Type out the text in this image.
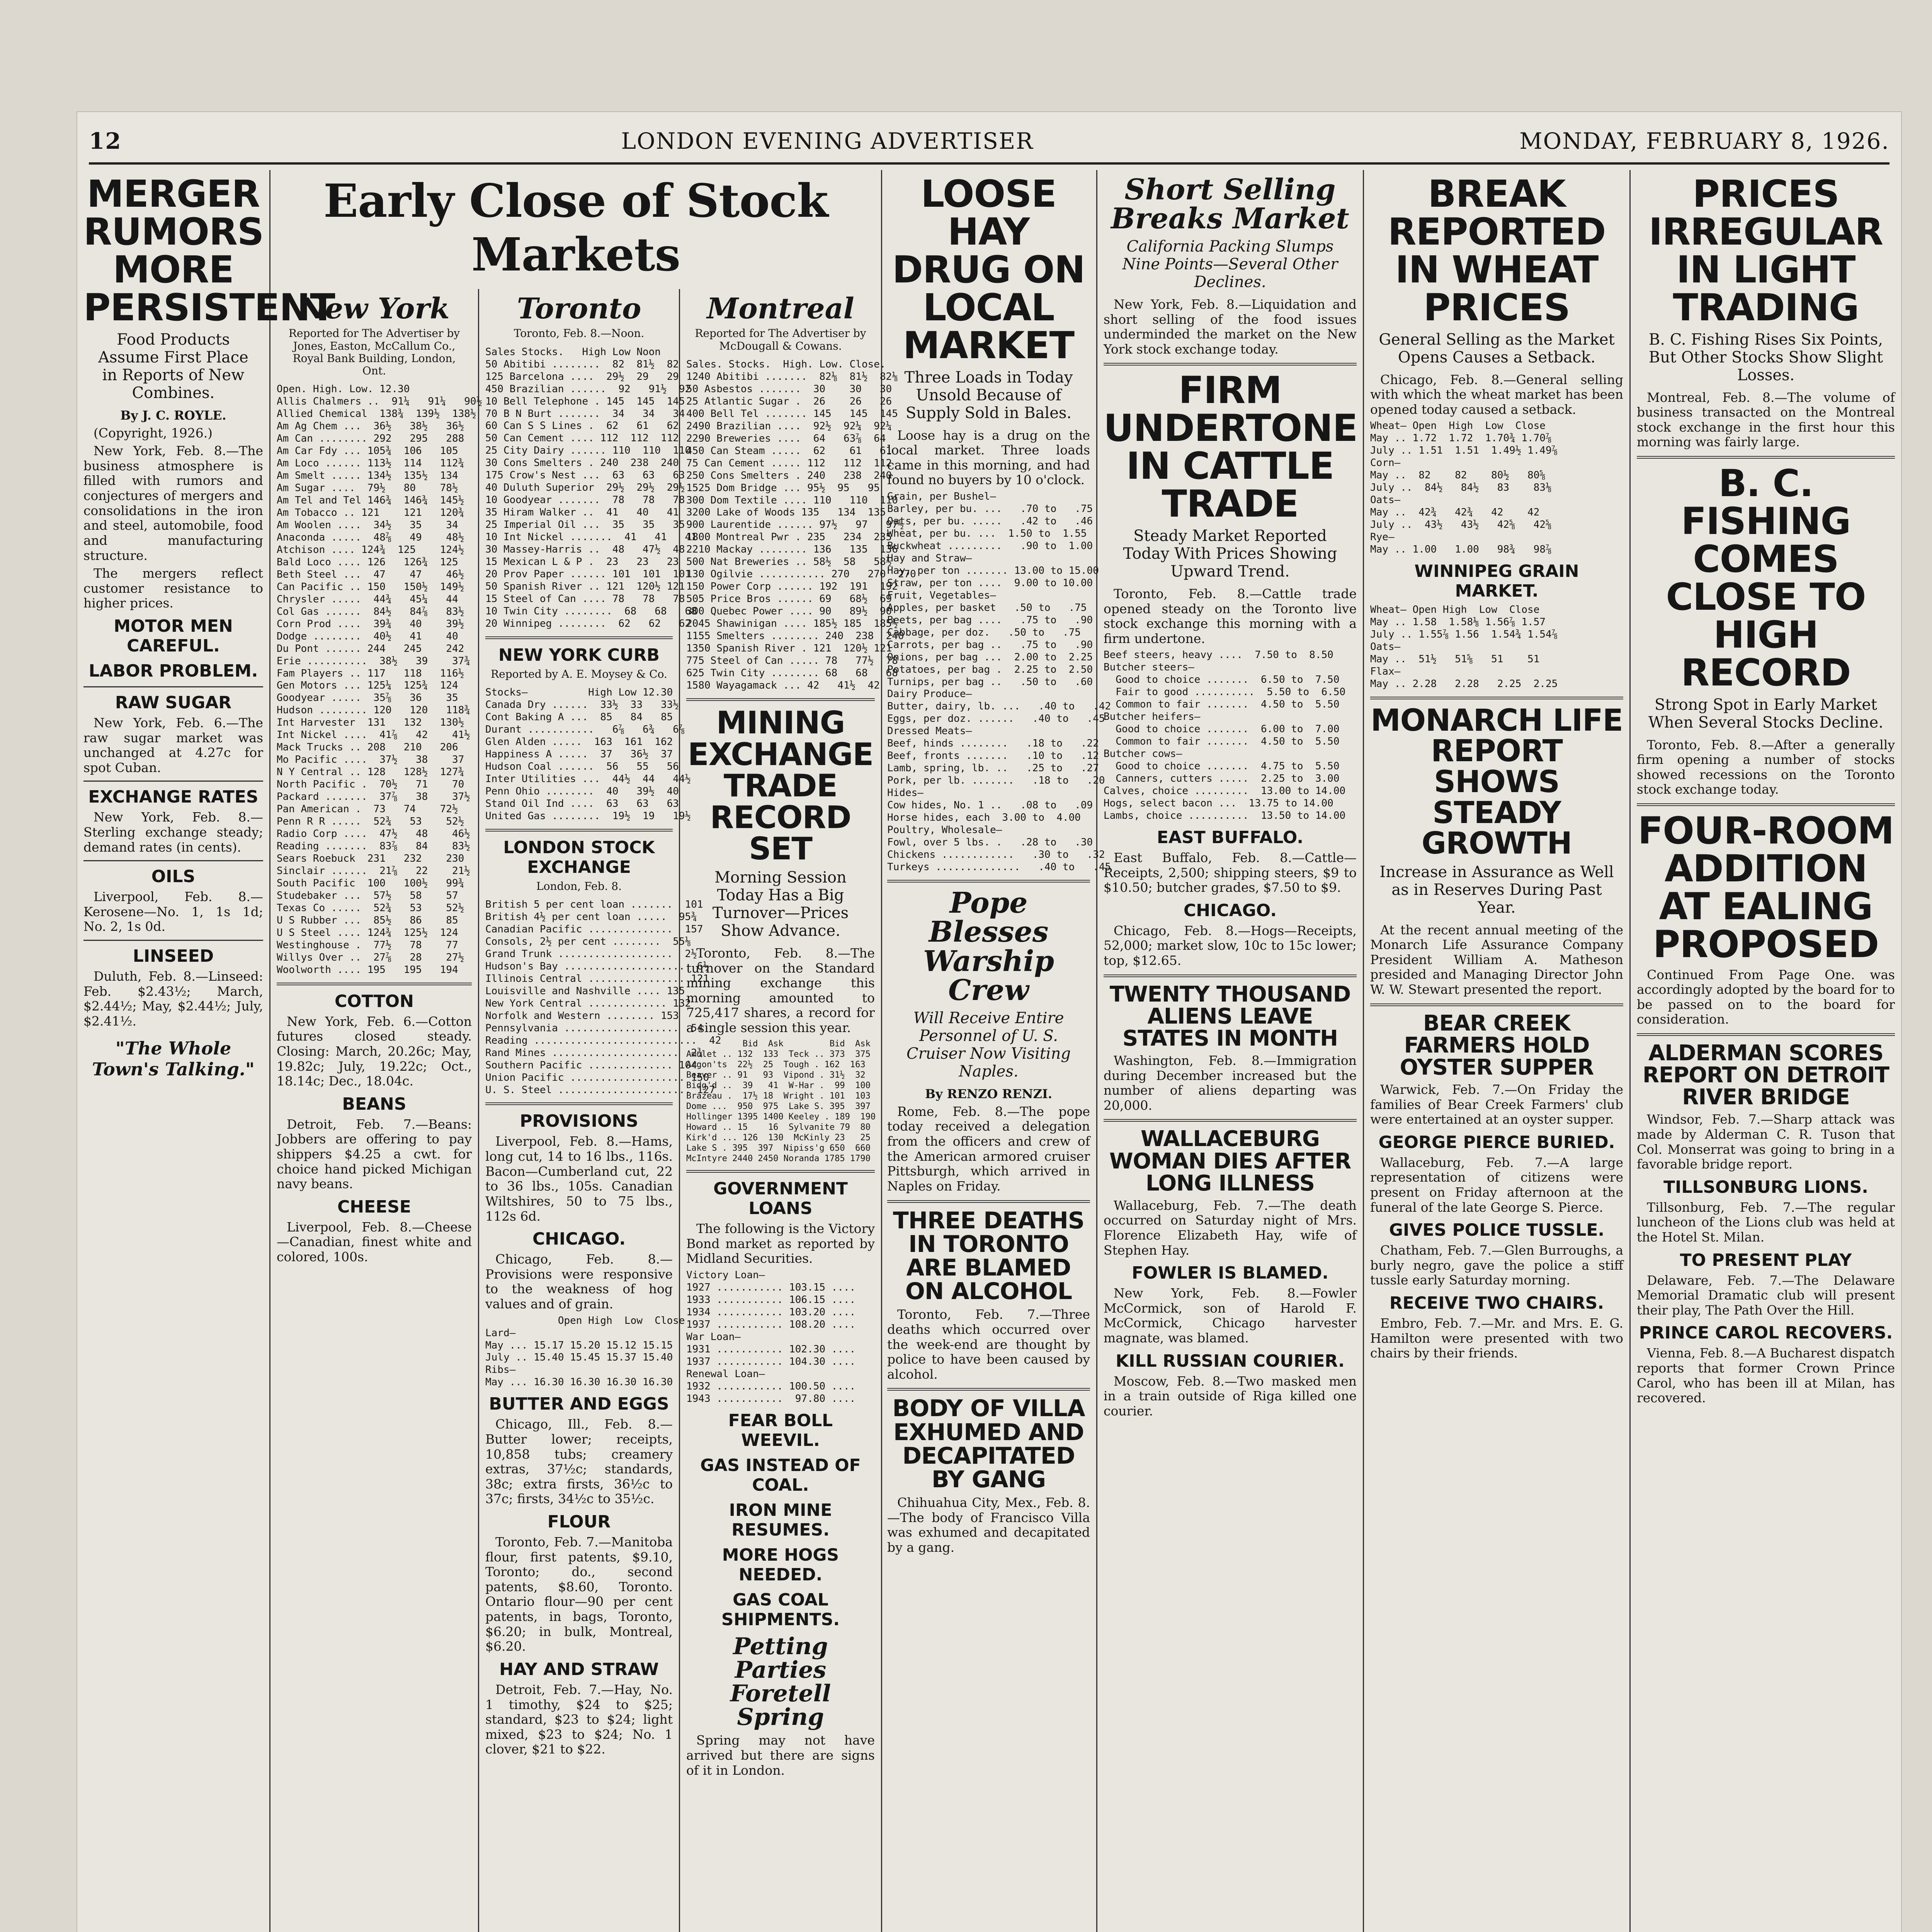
12	LONDON EVENING ADVERTISER	MONDAY, FEBRUARY 8, 1926.
MERGER RUMORS MORE PERSISTENT
Food Products Assume First Place in Reports of New Combines.
By J. C. ROYLE.

(Copyright, 1926.)

New York, Feb. 8.—The business atmosphere is filled with rumors and conjectures of mergers and consolidations in the iron and steel, automobile, food and manufacturing structure.

The mergers reflect customer resistance to higher prices.

MOTOR MEN CAREFUL.
LABOR PROBLEM.
RAW SUGAR

New York, Feb. 6.—The raw sugar market was unchanged at 4.27c for spot Cuban.

EXCHANGE RATES

New York, Feb. 8.—Sterling exchange steady; demand rates (in cents).

OILS

Liverpool, Feb. 8.—Kerosene—No. 1, 1s 1d; No. 2, 1s 0d.

LINSEED

Duluth, Feb. 8.—Linseed: Feb. $2.43½; March, $2.44½; May, $2.44½; July, $2.41½.

"The Whole Town's Talking."
Early Close of Stock Markets
New York
Reported for The Advertiser by Jones, Easton, McCallum Co., Royal Bank Building, London, Ont.
Open. High. Low. 12.30
Allis Chalmers ..  91¼   91¼   90½
Allied Chemical  138¾  139½  138½
Am Ag Chem ...  36½   38½   36½
Am Can ........ 292   295   288
Am Car Fdy ... 105¾  106   105
Am Loco ...... 113½  114   112¾
Am Smelt ..... 134½  135½  134
Am Sugar ....  79½   80    78½
Am Tel and Tel 146¾  146¾  145½
Am Tobacco .. 121    121   120¾
Am Woolen ....  34½   35    34
Anaconda .....  48⅞   49    48½
Atchison .... 124¾  125    124½
Bald Loco .... 126   126¾  125
Beth Steel ...  47    47    46½
Can Pacific .. 150   150½  149½
Chrysler .....  44¾   45¼   44
Col Gas ......  84½   84⅞   83½
Corn Prod ....  39¾   40    39½
Dodge ........  40½   41    40
Du Pont ...... 244   245    242
Erie ..........  38½   39    37¾
Fam Players .. 117   118   116½
Gen Motors ... 125¼  125¾  124
Goodyear .....  35⅞   36    35
Hudson ........ 120   120   118¾
Int Harvester  131   132   130½
Int Nickel ....  41⅞   42    41½
Mack Trucks .. 208   210   206
Mo Pacific ....  37½   38    37
N Y Central .. 128   128½  127¾
North Pacific .  70½   71    70
Packard .......  37⅞   38    37½
Pan American .  73   74    72½
Penn R R .....  52¾   53    52½
Radio Corp ....  47½   48    46½
Reading .......  83⅞   84    83½
Sears Roebuck  231   232    230
Sinclair ......  21⅞   22    21½
South Pacific  100   100½   99¾
Studebaker ...  57½   58    57
Texas Co .....  52¾   53    52½
U S Rubber ...  85½   86    85
U S Steel .... 124¾  125½  124
Westinghouse .  77½   78    77
Willys Over ..  27⅞   28    27½
Woolworth .... 195   195   194
COTTON

New York, Feb. 6.—Cotton futures closed steady. Closing: March, 20.26c; May, 19.82c; July, 19.22c; Oct., 18.14c; Dec., 18.04c.

BEANS

Detroit, Feb. 7.—Beans: Jobbers are offering to pay shippers $4.25 a cwt. for choice hand picked Michigan navy beans.

CHEESE

Liverpool, Feb. 8.—Cheese—Canadian, finest white and colored, 100s.

Toronto
Toronto, Feb. 8.—Noon.
Sales Stocks.   High Low Noon
50 Abitibi ........  82  81½  82
125 Barcelona ....  29½  29   29
450 Brazilian ......  92   91½  92
10 Bell Telephone . 145  145  145
70 B N Burt .......  34   34   34
60 Can S S Lines .  62   61   62
50 Can Cement .... 112  112  112
25 City Dairy ...... 110  110  110
30 Cons Smelters . 240  238  240
175 Crow's Nest ...  63   63   63
40 Duluth Superior  29½  29½  29½
10 Goodyear .......  78   78   78
35 Hiram Walker ..  41   40   41
25 Imperial Oil ...  35   35   35
10 Int Nickel .......  41   41   41
30 Massey-Harris ..  48   47½  48
15 Mexican L & P .  23   23   23
20 Prov Paper ...... 101  101  101
50 Spanish River .. 121  120½ 121
15 Steel of Can .... 78   78   78
10 Twin City ........  68   68   68
20 Winnipeg ........  62   62   62
NEW YORK CURB
Reported by A. E. Moysey & Co.
Stocks—          High Low 12.30
Canada Dry ......  33½  33   33½
Cont Baking A ...  85   84   85
Durant ...........   6⅞   6¾   6⅞
Glen Alden .....  163  161  162
Happiness A .....  37   36½  37
Hudson Coal ......  56   55   56
Inter Utilities ...  44½  44   44½
Penn Ohio ........  40   39½  40
Stand Oil Ind ....  63   63   63
United Gas ........  19½  19   19½
LONDON STOCK EXCHANGE
London, Feb. 8.
British 5 per cent loan .......  101
British 4½ per cent loan .....  95¾
Canadian Pacific ..............  157
Consols, 2½ per cent ........  55⅛
Grand Trunk ...................  2½
Hudson's Bay ....................  6½
Illinois Central ................ 121
Louisville and Nashville .... 135
New York Central ............. 132
Norfolk and Western ........ 153
Pennsylvania ...................  54
Reading ...........................  42
Rand Mines .....................  2¾
Southern Pacific .............. 104
Union Pacific ................... 150
U. S. Steel ...................... 127
PROVISIONS

Liverpool, Feb. 8.—Hams, long cut, 14 to 16 lbs., 116s. Bacon—Cumberland cut, 22 to 36 lbs., 105s. Canadian Wiltshires, 50 to 75 lbs., 112s 6d.

CHICAGO.

Chicago, Feb. 8.—Provisions were responsive to the weakness of hog values and of grain.

Open High  Low  Close
Lard—
May ... 15.17 15.20 15.12 15.15
July .. 15.40 15.45 15.37 15.40
Ribs—
May ... 16.30 16.30 16.30 16.30
BUTTER AND EGGS

Chicago, Ill., Feb. 8.—Butter lower; receipts, 10,858 tubs; creamery extras, 37½c; standards, 38c; extra firsts, 36½c to 37c; firsts, 34½c to 35½c.

FLOUR

Toronto, Feb. 7.—Manitoba flour, first patents, $9.10, Toronto; do., second patents, $8.60, Toronto. Ontario flour—90 per cent patents, in bags, Toronto, $6.20; in bulk, Montreal, $6.20.

HAY AND STRAW

Detroit, Feb. 7.—Hay, No. 1 timothy, $24 to $25; standard, $23 to $24; light mixed, $23 to $24; No. 1 clover, $21 to $22.

Montreal
Reported for The Advertiser by McDougall & Cowans.
Sales. Stocks.  High. Low. Close.
1240 Abitibi .......  82⅛  81½  82⅛
50 Asbestos .......  30    30   30
25 Atlantic Sugar .  26    26   26
400 Bell Tel ....... 145   145  145
2490 Brazilian ....  92½  92¼  92¼
2290 Breweries ....  64   63⅞  64
450 Can Steam .....  62    61   61
75 Can Cement ..... 112   112  112
250 Cons Smelters . 240   238  240
1525 Dom Bridge ... 95½  95   95
300 Dom Textile .... 110   110  110
3200 Lake of Woods 135   134  135
900 Laurentide ...... 97½   97   97½
1800 Montreal Pwr . 235   234  235
2210 Mackay ........ 136   135  136
500 Nat Breweries .. 58½  58   58½
130 Ogilvie ........... 270   270  270
150 Power Corp ...... 192  191  192
505 Price Bros ...... 69   68½  69
300 Quebec Power .... 90   89½  90
2045 Shawinigan .... 185½ 185  185½
1155 Smelters ........ 240  238  240
1350 Spanish River . 121  120½ 121
775 Steel of Can ..... 78   77½  78
625 Twin City ........ 68   68   68
1580 Wayagamack ... 42   41½  42
MINING EXCHANGE TRADE RECORD SET
Morning Session Today Has a Big Turnover—Prices Show Advance.

Toronto, Feb. 8.—The turnover on the Standard mining exchange this morning amounted to 725,417 shares, a record for a single session this year.

Bid  Ask         Bid  Ask
Amulet .. 132  133  Teck .. 373  375
Argon'ts  22½  25  Tough . 162  163
Beaver .. 91   93  Vipond . 31½  32
Bidg'd ..  39   41  W-Har .  99  100
Brazeau .  17½ 18  Wright . 101  103
Dome ...  950  975  Lake S. 395  397
Hollinger 1395 1400 Keeley . 189  190
Howard .. 15    16  Sylvanite 79  80
Kirk'd ... 126  130  McKinly 23   25
Lake S . 395  397  Nipiss'g 650  660
McIntyre 2440 2450 Noranda 1785 1790
GOVERNMENT LOANS

The following is the Victory Bond market as reported by Midland Securities.

Victory Loan—
1927 ........... 103.15 ....
1933 ........... 106.15 ....
1934 ........... 103.20 ....
1937 ........... 108.20 ....
War Loan—
1931 ........... 102.30 ....
1937 ........... 104.30 ....
Renewal Loan—
1932 ........... 100.50 ....
1943 ...........  97.80 ....
FEAR BOLL WEEVIL.
GAS INSTEAD OF COAL.
IRON MINE RESUMES.
MORE HOGS NEEDED.
GAS COAL SHIPMENTS.
Petting Parties Foretell Spring

Spring may not have arrived but there are signs of it in London.

LOOSE HAY DRUG ON LOCAL MARKET
Three Loads in Today Unsold Because of Supply Sold in Bales.

Loose hay is a drug on the local market. Three loads came in this morning, and had found no buyers by 10 o'clock.

Grain, per Bushel—
Barley, per bu. ...   .70 to   .75
Oats, per bu. .....   .42 to   .46
Wheat, per bu. ...  1.50 to  1.55
Buckwheat .........   .90 to  1.00
Hay and Straw—
Hay, per ton ....... 13.00 to 15.00
Straw, per ton ....  9.00 to 10.00
Fruit, Vegetables—
Apples, per basket   .50 to   .75
Beets, per bag ....   .75 to   .90
Cabbage, per doz.   .50 to   .75
Carrots, per bag ..   .75 to   .90
Onions, per bag ...  2.00 to  2.25
Potatoes, per bag .  2.25 to  2.50
Turnips, per bag ..   .50 to   .60
Dairy Produce—
Butter, dairy, lb. ...   .40 to   .42
Eggs, per doz. ......   .40 to   .45
Dressed Meats—
Beef, hinds ........   .18 to   .22
Beef, fronts .......   .10 to   .12
Lamb, spring, lb. ..   .25 to   .27
Pork, per lb. .......   .18 to   .20
Hides—
Cow hides, No. 1 ..   .08 to   .09
Horse hides, each  3.00 to  4.00
Poultry, Wholesale—
Fowl, over 5 lbs. .   .28 to   .30
Chickens ............   .30 to   .32
Turkeys ..............   .40 to   .45
Pope Blesses Warship Crew
Will Receive Entire Personnel of U. S. Cruiser Now Visiting Naples.
By RENZO RENZI.

Rome, Feb. 8.—The pope today received a delegation from the officers and crew of the American armored cruiser Pittsburgh, which arrived in Naples on Friday.

THREE DEATHS IN TORONTO ARE BLAMED ON ALCOHOL

Toronto, Feb. 7.—Three deaths which occurred over the week-end are thought by police to have been caused by alcohol.

BODY OF VILLA EXHUMED AND DECAPITATED BY GANG

Chihuahua City, Mex., Feb. 8.—The body of Francisco Villa was exhumed and decapitated by a gang.

Short Selling Breaks Market
California Packing Slumps Nine Points—Several Other Declines.

New York, Feb. 8.—Liquidation and short selling of the food issues underminded the market on the New York stock exchange today.

FIRM UNDERTONE IN CATTLE TRADE
Steady Market Reported Today With Prices Showing Upward Trend.

Toronto, Feb. 8.—Cattle trade opened steady on the Toronto live stock exchange this morning with a firm undertone.

Beef steers, heavy ....  7.50 to  8.50
Butcher steers—
Good to choice .......  6.50 to  7.50
Fair to good ..........  5.50 to  6.50
Common to fair .......  4.50 to  5.50
Butcher heifers—
Good to choice .......  6.00 to  7.00
Common to fair .......  4.50 to  5.50
Butcher cows—
Good to choice .......  4.75 to  5.50
Canners, cutters .....  2.25 to  3.00
Calves, choice .........  13.00 to 14.00
Hogs, select bacon ...  13.75 to 14.00
Lambs, choice ..........  13.50 to 14.00
EAST BUFFALO.

East Buffalo, Feb. 8.—Cattle—Receipts, 2,500; shipping steers, $9 to $10.50; butcher grades, $7.50 to $9.

CHICAGO.

Chicago, Feb. 8.—Hogs—Receipts, 52,000; market slow, 10c to 15c lower; top, $12.65.

TWENTY THOUSAND ALIENS LEAVE STATES IN MONTH

Washington, Feb. 8.—Immigration during December increased but the number of aliens departing was 20,000.

WALLACEBURG WOMAN DIES AFTER LONG ILLNESS

Wallaceburg, Feb. 7.—The death occurred on Saturday night of Mrs. Florence Elizabeth Hay, wife of Stephen Hay.

FOWLER IS BLAMED.

New York, Feb. 8.—Fowler McCormick, son of Harold F. McCormick, Chicago harvester magnate, was blamed.

KILL RUSSIAN COURIER.

Moscow, Feb. 8.—Two masked men in a train outside of Riga killed one courier.

BREAK REPORTED IN WHEAT PRICES
General Selling as the Market Opens Causes a Setback.

Chicago, Feb. 8.—General selling with which the wheat market has been opened today caused a setback.

Wheat— Open  High  Low  Close
May .. 1.72  1.72  1.70¾ 1.70⅞
July .. 1.51  1.51  1.49½ 1.49⅞
Corn—
May ..  82    82    80½   80⅝
July ..  84½   84½   83    83⅛
Oats—
May ..  42¾   42¾   42    42
July ..  43½   43½   42⅝   42⅝
Rye—
May .. 1.00   1.00   98¾   98⅞
WINNIPEG GRAIN MARKET.
Wheat— Open High  Low  Close
May .. 1.58  1.58⅛ 1.56⅞ 1.57
July .. 1.55⅞ 1.56  1.54¾ 1.54⅞
Oats—
May ..  51½   51⅝   51    51
Flax—
May .. 2.28   2.28   2.25  2.25
MONARCH LIFE REPORT SHOWS STEADY GROWTH
Increase in Assurance as Well as in Reserves During Past Year.

At the recent annual meeting of the Monarch Life Assurance Company President William A. Matheson presided and Managing Director John W. W. Stewart presented the report.

BEAR CREEK FARMERS HOLD OYSTER SUPPER

Warwick, Feb. 7.—On Friday the families of Bear Creek Farmers' club were entertained at an oyster supper.

GEORGE PIERCE BURIED.

Wallaceburg, Feb. 7.—A large representation of citizens were present on Friday afternoon at the funeral of the late George S. Pierce.

GIVES POLICE TUSSLE.

Chatham, Feb. 7.—Glen Burroughs, a burly negro, gave the police a stiff tussle early Saturday morning.

RECEIVE TWO CHAIRS.

Embro, Feb. 7.—Mr. and Mrs. E. G. Hamilton were presented with two chairs by their friends.

PRICES IRREGULAR IN LIGHT TRADING
B. C. Fishing Rises Six Points, But Other Stocks Show Slight Losses.

Montreal, Feb. 8.—The volume of business transacted on the Montreal stock exchange in the first hour this morning was fairly large.

B. C. FISHING COMES CLOSE TO HIGH RECORD
Strong Spot in Early Market When Several Stocks Decline.

Toronto, Feb. 8.—After a generally firm opening a number of stocks showed recessions on the Toronto stock exchange today.

FOUR-ROOM ADDITION AT EALING PROPOSED

Continued From Page One. was accordingly adopted by the board for to be passed on to the board for consideration.

ALDERMAN SCORES REPORT ON DETROIT RIVER BRIDGE

Windsor, Feb. 7.—Sharp attack was made by Alderman C. R. Tuson that Col. Monserrat was going to bring in a favorable bridge report.

TILLSONBURG LIONS.

Tillsonburg, Feb. 7.—The regular luncheon of the Lions club was held at the Hotel St. Milan.

TO PRESENT PLAY

Delaware, Feb. 7.—The Delaware Memorial Dramatic club will present their play, The Path Over the Hill.

PRINCE CAROL RECOVERS.

Vienna, Feb. 8.—A Bucharest dispatch reports that former Crown Prince Carol, who has been ill at Milan, has recovered.
